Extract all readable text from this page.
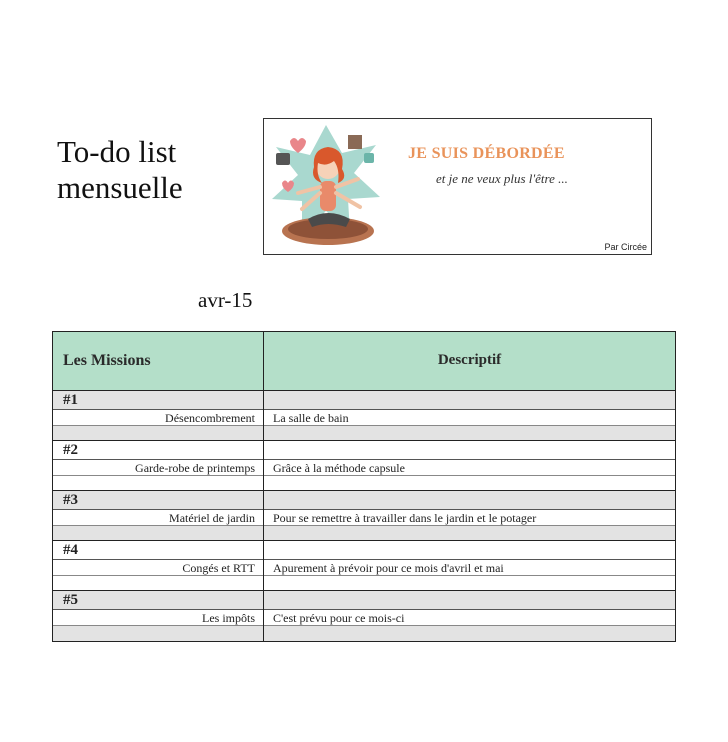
To-do list
mensuelle
JE SUIS DÉBORDÉE
et je ne veux plus l'être ...
Par Circée
avr-15
Les Missions	Descriptif
#1
Désencombrement La salle de bain
#2
Garde-robe de printemps Grâce à la méthode capsule
#3
Matériel de jardin Pour se remettre à travailler dans le jardin et le potager
#4
Congés et RTT Apurement à prévoir pour ce mois d'avril et mai
#5
Les impôts C'est prévu pour ce mois-ci
